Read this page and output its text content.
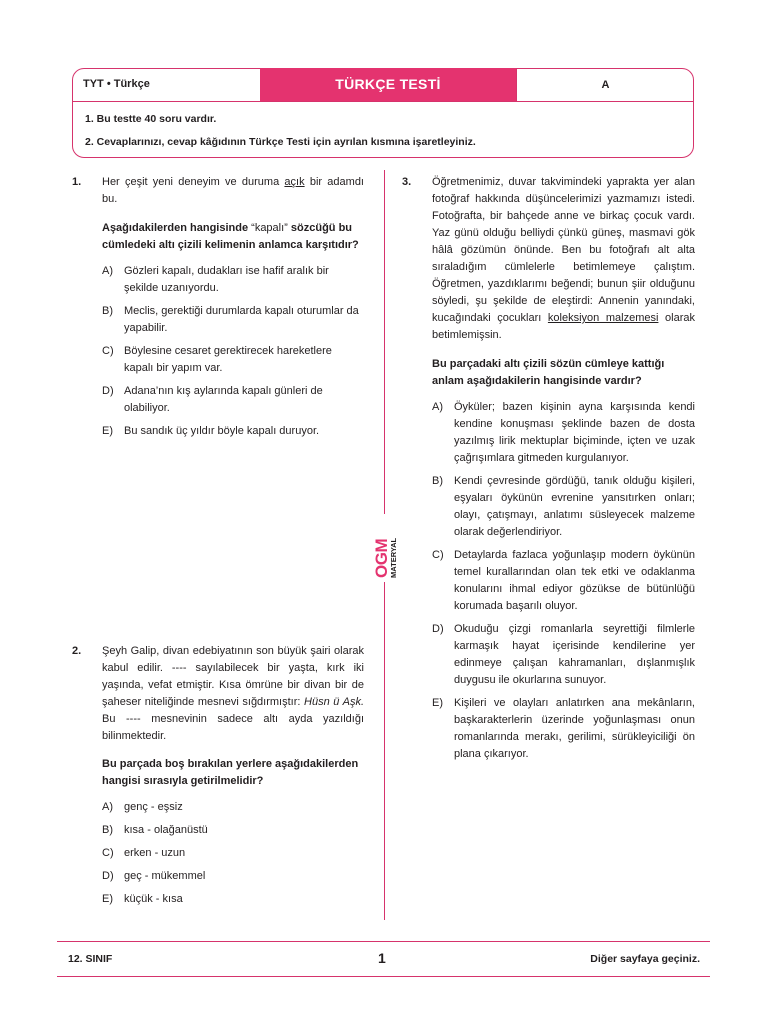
TYT • Türkçe	TÜRKÇE TESTİ	A
1. Bu testte 40 soru vardır.
2. Cevaplarınızı, cevap kâğıdının Türkçe Testi için ayrılan kısmına işaretleyiniz.
OGM
MATERYAL
1. Her çeşit yeni deneyim ve duruma açık bir adamdı bu.

Aşağıdakilerden hangisinde “kapalı” sözcüğü bu cümledeki altı çizili kelimenin anlamca karşıtıdır?

A) Gözleri kapalı, dudakları ise hafif aralık bir şekilde uzanıyordu.

B) Meclis, gerektiği durumlarda kapalı oturumlar da yapabilir.

C) Böylesine cesaret gerektirecek hareketlere kapalı bir yapım var.

D) Adana’nın kış aylarında kapalı günleri de olabiliyor.

E) Bu sandık üç yıldır böyle kapalı duruyor.

2. Şeyh Galip, divan edebiyatının son büyük şairi olarak kabul edilir. ---- sayılabilecek bir yaşta, kırk iki yaşında, vefat etmiştir. Kısa ömrüne bir divan bir de şaheser niteliğinde mesnevi sığdırmıştır: Hüsn ü Aşk. Bu ---- mesnevinin sadece altı ayda yazıldığı bilinmektedir.

Bu parçada boş bırakılan yerlere aşağıdakilerden hangisi sırasıyla getirilmelidir?

A) genç - eşsiz

B) kısa - olağanüstü

C) erken - uzun

D) geç - mükemmel

E) küçük - kısa

3. Öğretmenimiz, duvar takvimindeki yaprakta yer alan fotoğraf hakkında düşüncelerimizi yazmamızı istedi. Fotoğrafta, bir bahçede anne ve birkaç çocuk vardı. Yaz günü olduğu belliydi çünkü güneş, masmavi gök hâlâ gözümün önünde. Ben bu fotoğrafı alt alta sıraladığım cümlelerle betimlemeye çalıştım. Öğretmen, yazdıklarımı beğendi; bunun şiir olduğunu söyledi, şu şekilde de eleştirdi: Annenin yanındaki, kucağındaki çocukları koleksiyon malzemesi olarak betimlemişsin.

Bu parçadaki altı çizili sözün cümleye kattığı anlam aşağıdakilerin hangisinde vardır?

A) Öyküler; bazen kişinin ayna karşısında kendi kendine konuşması şeklinde bazen de dosta yazılmış lirik mektuplar biçiminde, içten ve uzak çağrışımlara gitmeden kurgulanıyor.

B) Kendi çevresinde gördüğü, tanık olduğu kişileri, eşyaları öykünün evrenine yansıtırken onları; olayı, çatışmayı, anlatımı süsleyecek malzeme olarak değerlendiriyor.

C) Detaylarda fazlaca yoğunlaşıp modern öykünün temel kurallarından olan tek etki ve odaklanma konularını ihmal ediyor gözükse de bütünlüğü korumada başarılı oluyor.

D) Okuduğu çizgi romanlarla seyrettiği filmlerle karmaşık hayat içerisinde kendilerine yer edinmeye çalışan kahramanları, dışlanmışlık duygusu ile okurlarına sunuyor.

E) Kişileri ve olayları anlatırken ana mekânların, başkarakterlerin üzerinde yoğunlaşması onun romanlarında merakı, gerilimi, sürükleyiciliği ön plana çıkarıyor.

12. SINIF	1	Diğer sayfaya geçiniz.
